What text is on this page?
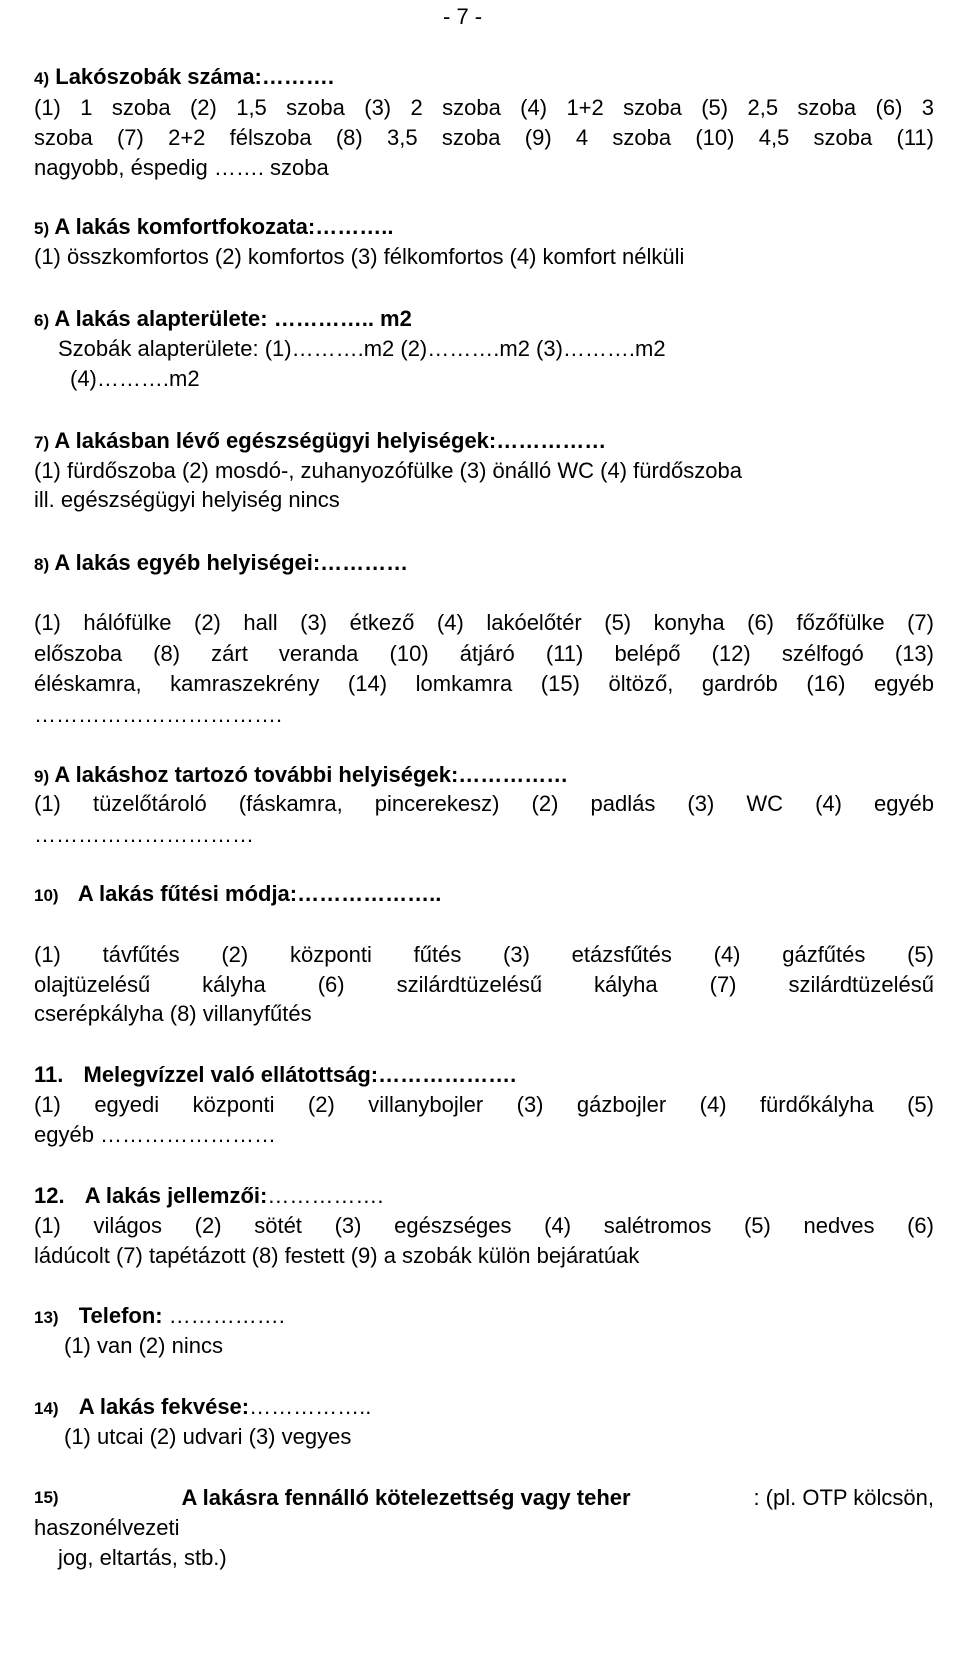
- 7 -
4) Lakószobák száma:……….
(1) 1 szoba (2) 1,5 szoba (3) 2 szoba (4) 1+2 szoba (5) 2,5 szoba (6) 3
szoba (7) 2+2 félszoba (8) 3,5 szoba (9) 4 szoba (10) 4,5 szoba (11)
nagyobb, éspedig ……. szoba
5) A lakás komfortfokozata:………..
(1) összkomfortos (2) komfortos (3) félkomfortos (4) komfort nélküli
6) A lakás alapterülete: ………….. m2
Szobák alapterülete: (1)……….m2 (2)……….m2 (3)……….m2
(4)……….m2
7) A lakásban lévő egészségügyi helyiségek:……………
(1) fürdőszoba (2) mosdó-, zuhanyozófülke (3) önálló WC (4) fürdőszoba
ill. egészségügyi helyiség nincs
8) A lakás egyéb helyiségei:…………
(1) hálófülke (2) hall (3) étkező (4) lakóelőtér (5) konyha (6) főzőfülke (7)
előszoba (8) zárt veranda (10) átjáró (11) belépő (12) szélfogó (13)
éléskamra, kamraszekrény (14) lomkamra (15) öltöző, gardrób (16) egyéb
…………………………….
9) A lakáshoz tartozó további helyiségek:……………
(1) tüzelőtároló (fáskamra, pincerekesz) (2) padlás (3) WC (4) egyéb
…………………………
10) A lakás fűtési módja:………………..
(1) távfűtés (2) központi fűtés (3) etázsfűtés (4) gázfűtés (5)
olajtüzelésű kályha (6) szilárdtüzelésű kályha (7) szilárdtüzelésű
cserépkályha (8) villanyfűtés
11. Melegvízzel való ellátottság:……………….
(1) egyedi központi (2) villanybojler (3) gázbojler (4) fürdőkályha (5)
egyéb ……………………
12. A lakás jellemzői:…………….
(1) világos (2) sötét (3) egészséges (4) salétromos (5) nedves (6)
ládúcolt (7) tapétázott (8) festett (9) a szobák külön bejáratúak
13) Telefon: …………….
(1) van (2) nincs
14) A lakás fekvése:……………..
(1) utcai (2) udvari (3) vegyes
15)	A lakásra fennálló kötelezettség vagy teher	: (pl. OTP kölcsön,
haszonélvezeti
jog, eltartás, stb.)
